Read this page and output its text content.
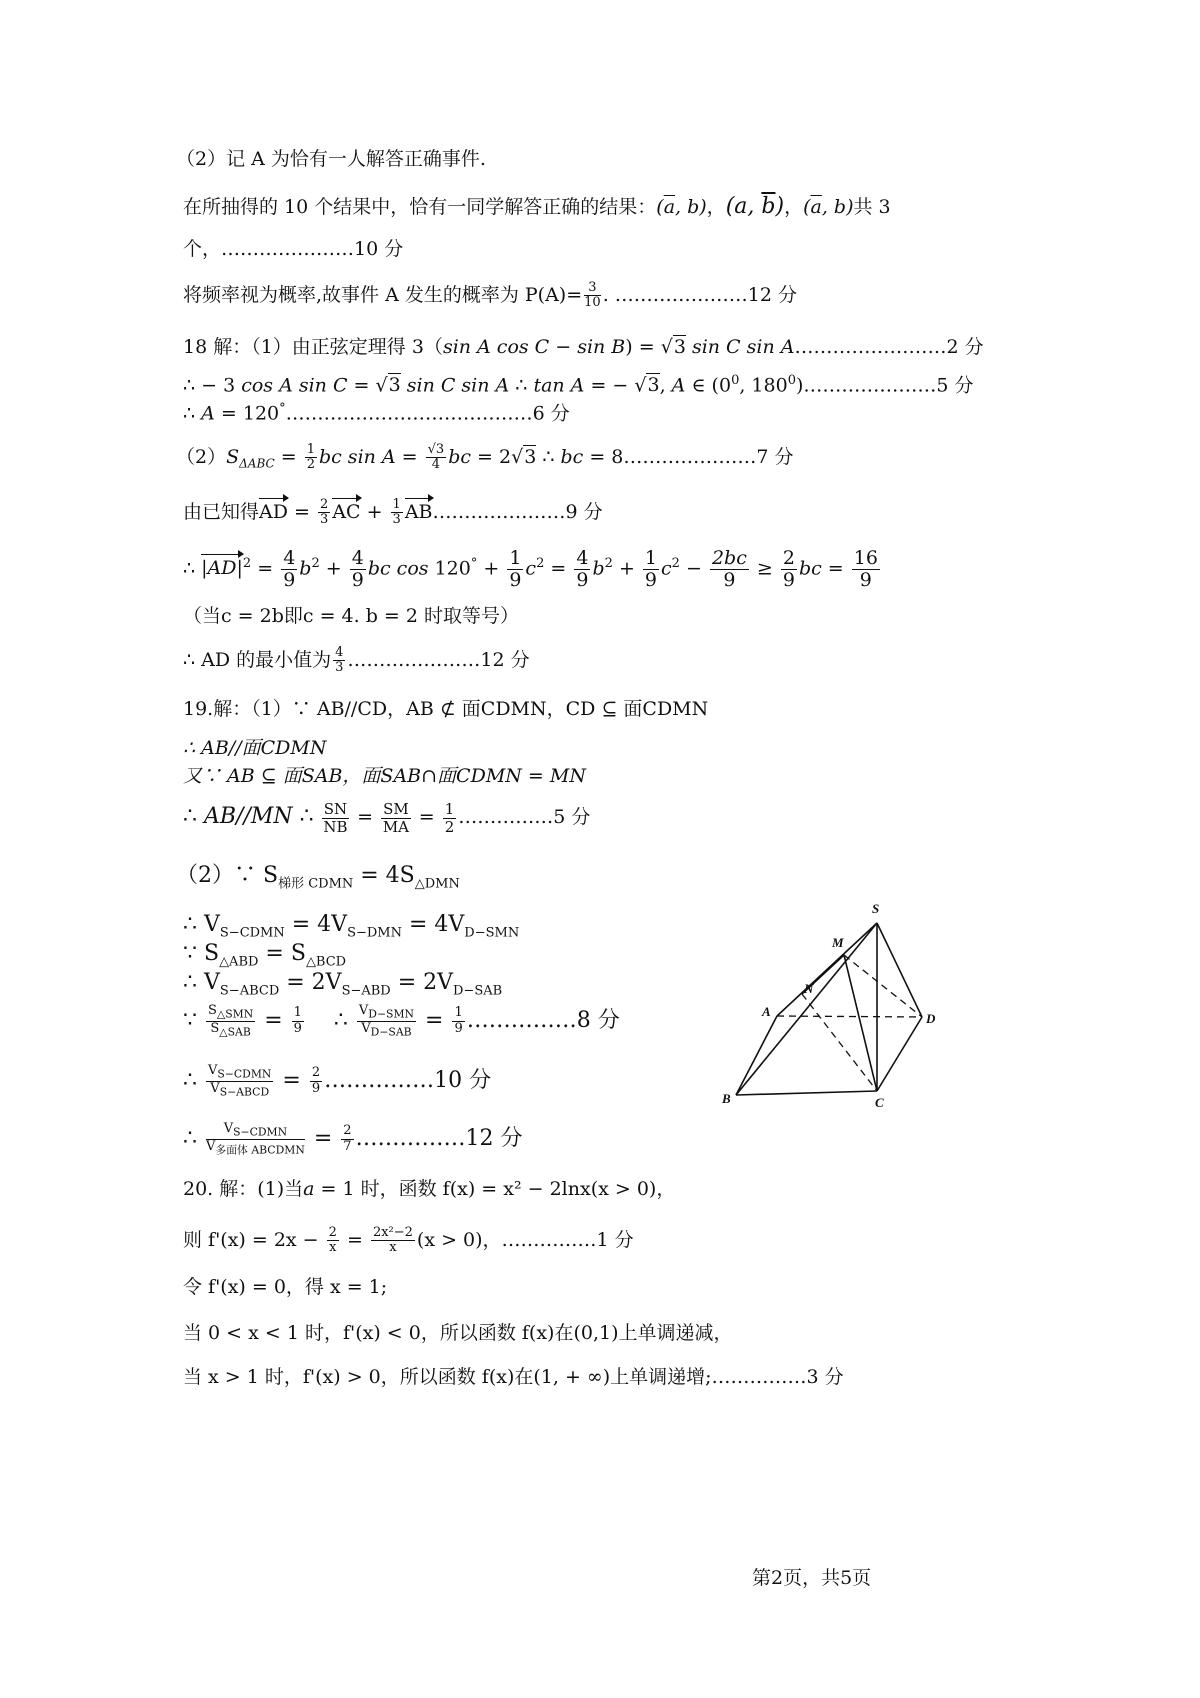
（2）记 A 为恰有一人解答正确事件.
在所抽得的 10 个结果中，恰有一同学解答正确的结果：($\overline{a}$, b)，(a, $\overline{b}$)，($\overline{a}$, b)共 3
个，…………………10 分
将频率视为概率,故事件 A 发生的概率为 $P(A)= \frac{3}{10}$ . …………………12 分
18 解：（1）由正弦定理得 3（sin A cos C − sin B) = √3 sin C sin A……………………2 分
∴ − 3 cos A sin C = √3 sin C sin A ∴ tan A = − √3, A ∈ ($0^0$, $180^0)\dots\dots\dots\dots\dots\dots\dots 5$ 分
∴ A = 120°…………………………………6 分
$(2)S_{\Delta ABC} = \frac{1}{2}$ bc $\sin A = \frac{√3}{4}$ bc = 2√3 ∴ bc = 8…………………7 分
由已知得AD = $\frac{2}{3}$ AC + $\frac{1}{3}$ AB…………………9 分
∴ $|AD|^2 = \frac{4}{9} b^2 + \frac{4}{9}$ bc $\cos 120^\circ + \frac{1}{9} c^2 = \frac{4}{9} b^2 + \frac{1}{9} c^2 - \frac{2bc}{9} \ge \frac{2}{9}$ bc = $\frac{16}{9}$
（当c = 2b即c = 4. b = 2 时取等号）
∴ AD 的最小值为 $\frac{4}{3}$ …………………12 分
19.解：（1）∵ AB//CD，AB ⊄ 面CDMN，CD ⊆ 面CDMN
∴ AB//面CDMN
又∵ AB ⊆ 面SAB，面SAB∩面CDMN = MN
∴ AB//MN ∴ $\frac{SN}{NB} = \frac{SM}{MA} = \frac{1}{2}$ ……………5 分
（2）∵ $S_{梯形 CDMN} = 4S_{\triangle DMN}$
∴ $V_{S-CDMN} = 4V_{S-DMN} = 4V_{D-SMN}$
∵ $S_{\triangle ABD} = S_{\triangle BCD}$
∴ $V_{S-ABCD} = 2V_{S-ABD} = 2V_{D-SAB}$
∵ $\frac{S_{\triangle SMN}}{S_{\triangle SAB}} = \frac{1}{9}$ ∴ $\frac{V_{D-SMN}}{V_{D-SAB}} = \frac{1}{9}$ ……………8 分
∴ $\frac{V_{S-CDMN}}{V_{S-ABCD}} = \frac{2}{9}$ ……………10 分
∴ $\frac{V_{S-CDMN}}{V_{多面体 ABCDMN}} = \frac{2}{7}$ ……………12 分
S
M
N
A	D
B	C
20. 解：(1)当a = 1 时，函数 f(x) = x² − 2lnx(x > 0)，
则 $f'(x) = 2x - \frac{2}{x} = \frac{\text{2x²−2}}{x} (x > 0)$，……………1 分
令 f'(x) = 0，得 x = 1;
当 0 < x < 1 时，f'(x) < 0，所以函数 f(x)在(0,1)上单调递减，
当 x > 1 时，f'(x) > 0，所以函数 f(x)在(1, + ∞)上单调递增;……………3 分
第2页，共5页
